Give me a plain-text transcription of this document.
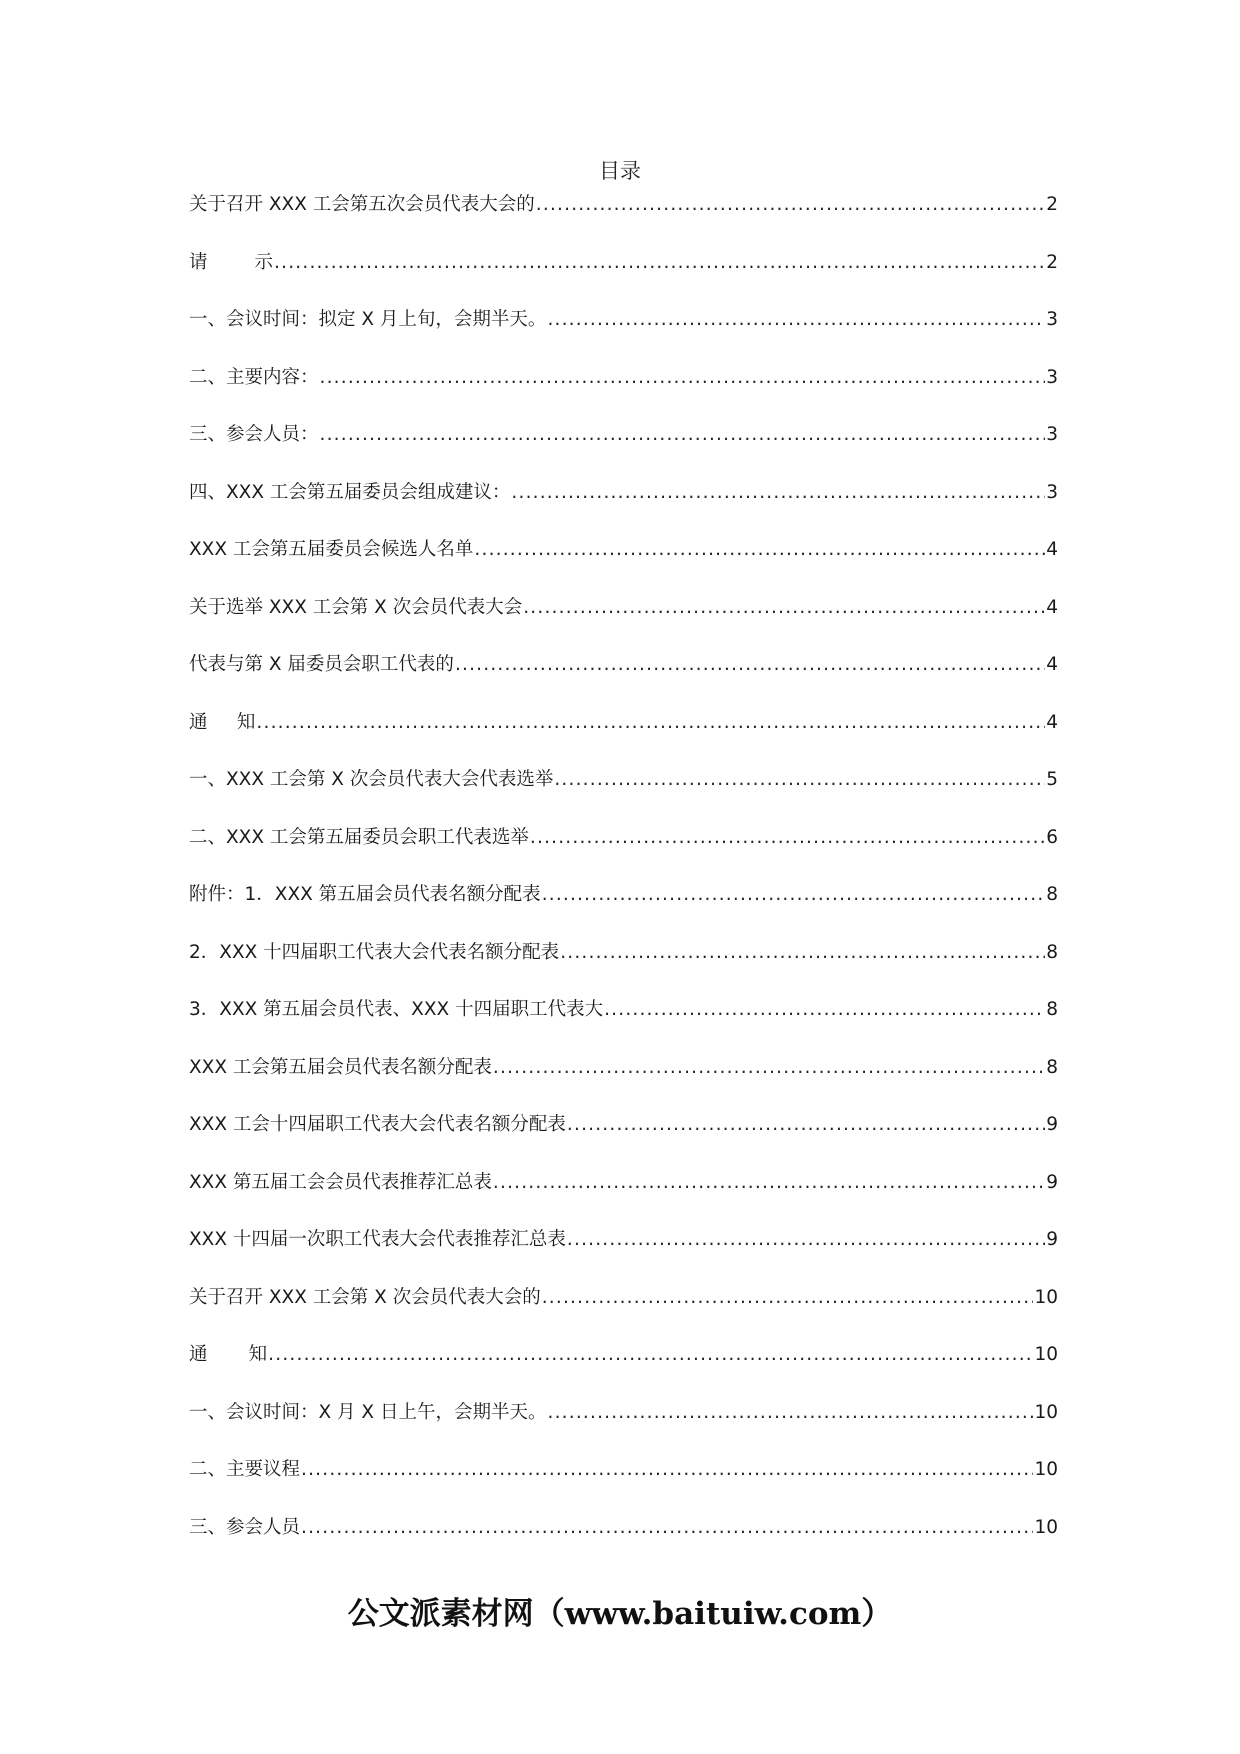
目录
关于召开 XXX 工会第五次会员代表大会的 .....	2
请        示 .....	2
一、会议时间：拟定 X 月上旬，会期半天。 .....	3
二、主要内容： .....	3
三、参会人员： .....	3
四、XXX 工会第五届委员会组成建议： .....	3
XXX 工会第五届委员会候选人名单 .....	4
关于选举 XXX 工会第 X 次会员代表大会 .....	4
代表与第 X 届委员会职工代表的 .....	4
通     知 .....	4
一、XXX 工会第 X 次会员代表大会代表选举 .....	5
二、XXX 工会第五届委员会职工代表选举 .....	6
附件：1．XXX 第五届会员代表名额分配表 .....	8
2．XXX 十四届职工代表大会代表名额分配表 .....	8
3．XXX 第五届会员代表、XXX 十四届职工代表大 .....	8
XXX 工会第五届会员代表名额分配表 .....	8
XXX 工会十四届职工代表大会代表名额分配表 .....	9
XXX 第五届工会会员代表推荐汇总表 .....	9
XXX 十四届一次职工代表大会代表推荐汇总表 .....	9
关于召开 XXX 工会第 X 次会员代表大会的 .....	10
通       知 .....	10
一、会议时间：X 月 X 日上午，会期半天。 .....	10
二、主要议程 .....	10
三、参会人员 .....	10
公文派素材网（www.baituiw.com）
